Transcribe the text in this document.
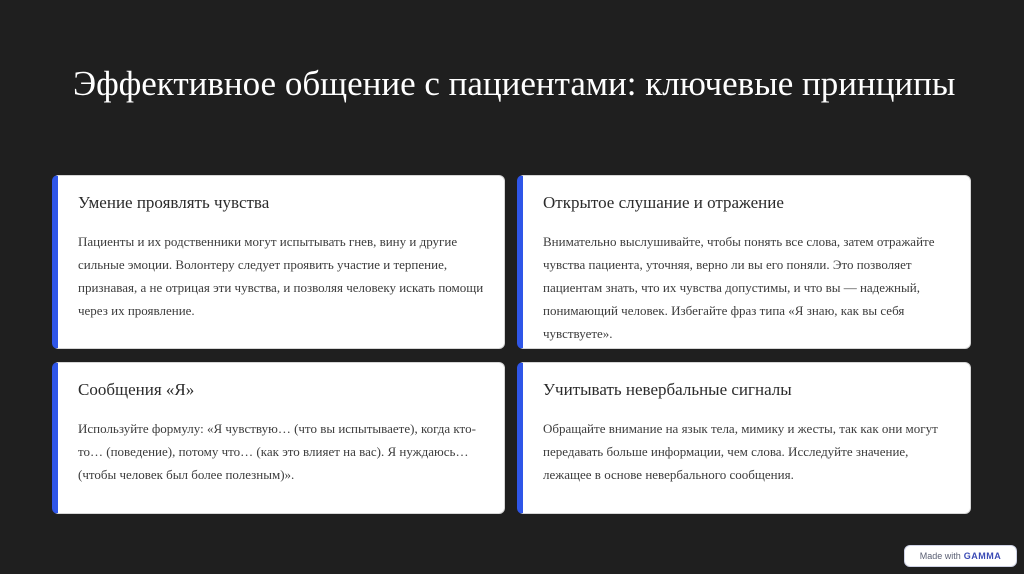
Эффективное общение с пациентами: ключевые принципы
Умение проявлять чувства

Пациенты и их родственники могут испытывать гнев, вину и другие сильные эмоции. Волонтеру следует проявить участие и терпение, признавая, а не отрицая эти чувства, и позволяя человеку искать помощи через их проявление.

Открытое слушание и отражение

Внимательно выслушивайте, чтобы понять все слова, затем отражайте чувства пациента, уточняя, верно ли вы его поняли. Это позволяет пациентам знать, что их чувства допустимы, и что вы — надежный, понимающий человек. Избегайте фраз типа «Я знаю, как вы себя чувствуете».

Сообщения «Я»

Используйте формулу: «Я чувствую… (что вы испытываете), когда кто-то… (поведение), потому что… (как это влияет на вас). Я нуждаюсь… (чтобы человек был более полезным)».

Учитывать невербальные сигналы

Обращайте внимание на язык тела, мимику и жесты, так как они могут передавать больше информации, чем слова. Исследуйте значение, лежащее в основе невербального сообщения.

Made with GAMMA
